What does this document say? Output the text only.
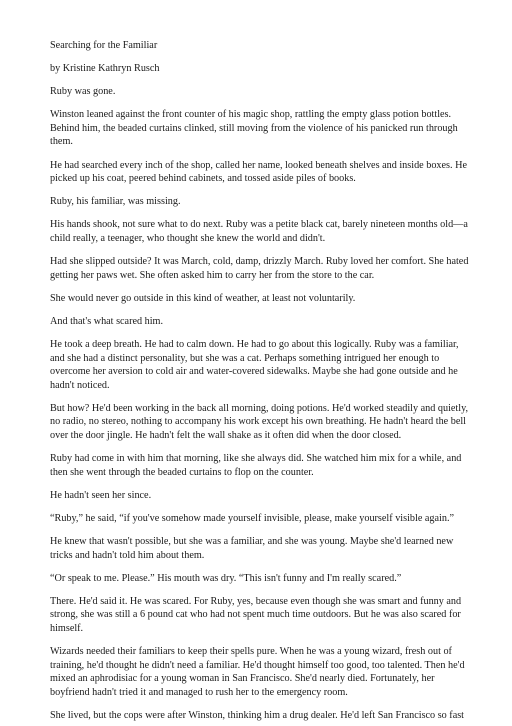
Searching for the Familiar

by Kristine Kathryn Rusch

Ruby was gone.

Winston leaned against the front counter of his magic shop, rattling the empty glass potion bottles. Behind him, the beaded curtains clinked, still moving from the violence of his panicked run through them.

He had searched every inch of the shop, called her name, looked beneath shelves and inside boxes. He picked up his coat, peered behind cabinets, and tossed aside piles of books.

Ruby, his familiar, was missing.

His hands shook, not sure what to do next. Ruby was a petite black cat, barely nineteen months old—a child really, a teenager, who thought she knew the world and didn't.

Had she slipped outside? It was March, cold, damp, drizzly March. Ruby loved her comfort. She hated getting her paws wet. She often asked him to carry her from the store to the car.

She would never go outside in this kind of weather, at least not voluntarily.

And that's what scared him.

He took a deep breath. He had to calm down. He had to go about this logically. Ruby was a familiar, and she had a distinct personality, but she was a cat. Perhaps something intrigued her enough to overcome her aversion to cold air and water-covered sidewalks. Maybe she had gone outside and he hadn't noticed.

But how? He'd been working in the back all morning, doing potions. He'd worked steadily and quietly, no radio, no stereo, nothing to accompany his work except his own breathing. He hadn't heard the bell over the door jingle. He hadn't felt the wall shake as it often did when the door closed.

Ruby had come in with him that morning, like she always did. She watched him mix for a while, and then she went through the beaded curtains to flop on the counter.

He hadn't seen her since.

“Ruby,” he said, “if you've somehow made yourself invisible, please, make yourself visible again.”

He knew that wasn't possible, but she was a familiar, and she was young. Maybe she'd learned new tricks and hadn't told him about them.

“Or speak to me. Please.” His mouth was dry. “This isn't funny and I'm really scared.”

There. He'd said it. He was scared. For Ruby, yes, because even though she was smart and funny and strong, she was still a 6 pound cat who had not spent much time outdoors. But he was also scared for himself.

Wizards needed their familiars to keep their spells pure. When he was a young wizard, fresh out of training, he'd thought he didn't need a familiar. He'd thought himself too good, too talented. Then he'd mixed an aphrodisiac for a young woman in San Francisco. She'd nearly died. Fortunately, her boyfriend hadn't tried it and managed to rush her to the emergency room.

She lived, but the cops were after Winston, thinking him a drug dealer. He'd left San Francisco so fast
